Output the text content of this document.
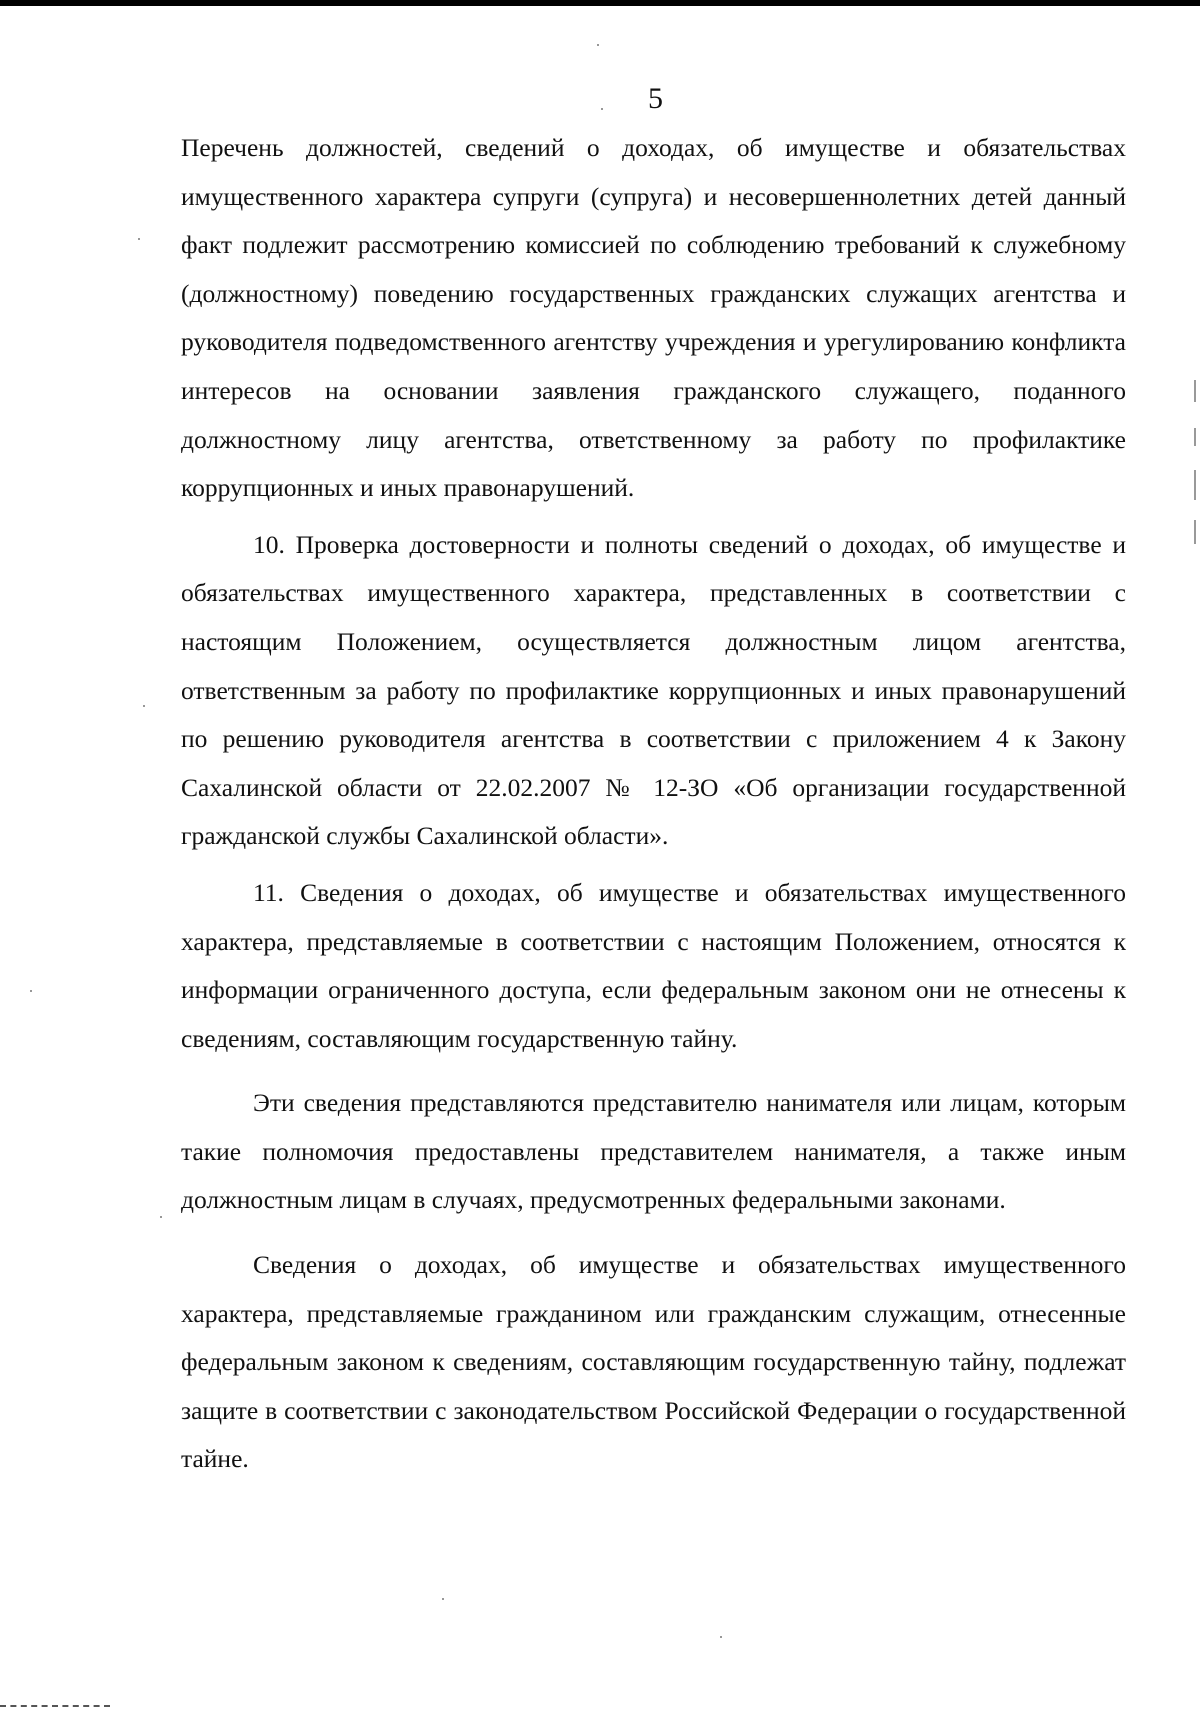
5

Перечень должностей, сведений о доходах, об имуществе и обязательствах имущественного характера супруги (супруга) и несовершеннолетних детей данный факт подлежит рассмотрению комиссией по соблюдению требований к служебному (должностному) поведению государственных гражданских служащих агентства и руководителя подведомственного агентству учреждения и урегулированию конфликта интересов на основании заявления гражданского служащего, поданного должностному лицу агентства, ответственному за работу по профилактике коррупционных и иных правонарушений.

10. Проверка достоверности и полноты сведений о доходах, об имуществе и обязательствах имущественного характера, представленных в соответствии с настоящим Положением, осуществляется должностным лицом агентства, ответственным за работу по профилактике коррупционных и иных правонарушений по решению руководителя агентства в соответствии с приложением 4 к Закону Сахалинской области от 22.02.2007 № 12-ЗО «Об организации государственной гражданской службы Сахалинской области».

11. Сведения о доходах, об имуществе и обязательствах имущественного характера, представляемые в соответствии с настоящим Положением, относятся к информации ограниченного доступа, если федеральным законом они не отнесены к сведениям, составляющим государственную тайну.

Эти сведения представляются представителю нанимателя или лицам, которым такие полномочия предоставлены представителем нанимателя, а также иным должностным лицам в случаях, предусмотренных федеральными законами.

Сведения о доходах, об имуществе и обязательствах имущественного характера, представляемые гражданином или гражданским служащим, отнесенные федеральным законом к сведениям, составляющим государственную тайну, подлежат защите в соответствии с законодательством Российской Федерации о государственной тайне.
